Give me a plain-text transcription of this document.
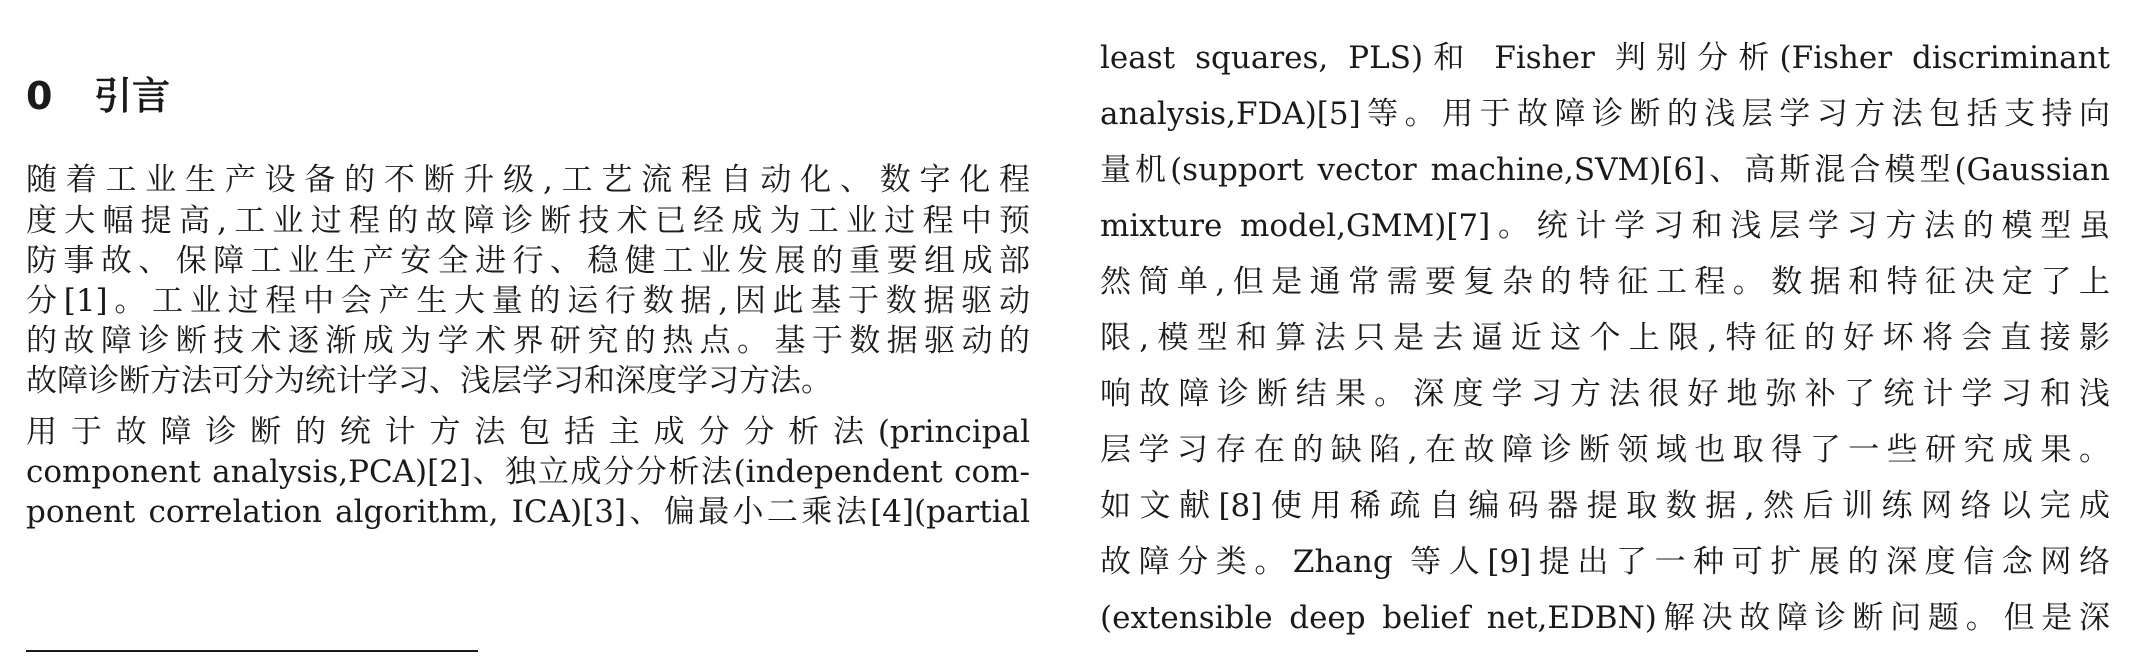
0 引言
随着工业生产设备的不断升级,工艺流程自动化、数字化程
度大幅提高,工业过程的故障诊断技术已经成为工业过程中预
防事故、保障工业生产安全进行、稳健工业发展的重要组成部
分[1]。工业过程中会产生大量的运行数据,因此基于数据驱动
的故障诊断技术逐渐成为学术界研究的热点。基于数据驱动的
故障诊断方法可分为统计学习、浅层学习和深度学习方法。
用于故障诊断的统计方法包括主成分分析法(principal
component analysis,PCA)[2]、独立成分分析法(independent com-
ponent correlation algorithm, ICA)[3]、偏最小二乘法[4](partial
least squares, PLS)和 Fisher 判别分析(Fisher discriminant
analysis,FDA)[5]等。用于故障诊断的浅层学习方法包括支持向
量机(support vector machine,SVM)[6]、高斯混合模型(Gaussian
mixture model,GMM)[7]。统计学习和浅层学习方法的模型虽
然简单,但是通常需要复杂的特征工程。数据和特征决定了上
限,模型和算法只是去逼近这个上限,特征的好坏将会直接影
响故障诊断结果。深度学习方法很好地弥补了统计学习和浅
层学习存在的缺陷,在故障诊断领域也取得了一些研究成果。
如文献[8]使用稀疏自编码器提取数据,然后训练网络以完成
故障分类。Zhang 等人[9]提出了一种可扩展的深度信念网络
(extensible deep belief net,EDBN)解决故障诊断问题。但是深
